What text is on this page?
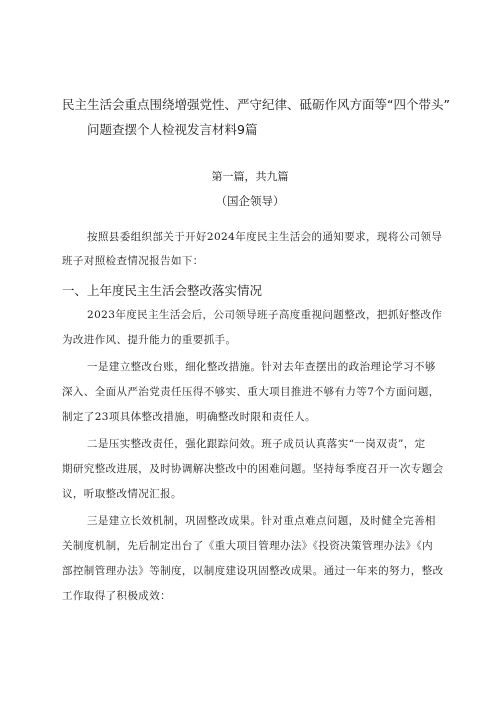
民主生活会重点围绕增强党性、严守纪律、砥砺作风方面等“四个带头”
问题查摆个人检视发言材料9篇
第一篇，共九篇
（国企领导）
按照县委组织部关于开好2024年度民主生活会的通知要求，现将公司领导
班子对照检查情况报告如下：
一、上年度民主生活会整改落实情况
2023年度民主生活会后，公司领导班子高度重视问题整改，把抓好整改作
为改进作风、提升能力的重要抓手。
一是建立整改台账，细化整改措施。针对去年查摆出的政治理论学习不够
深入、全面从严治党责任压得不够实、重大项目推进不够有力等7个方面问题，
制定了23项具体整改措施，明确整改时限和责任人。
二是压实整改责任，强化跟踪问效。班子成员认真落实“一岗双责”，定
期研究整改进展，及时协调解决整改中的困难问题。坚持每季度召开一次专题会
议，听取整改情况汇报。
三是建立长效机制，巩固整改成果。针对重点难点问题，及时健全完善相
关制度机制，先后制定出台了《重大项目管理办法》《投资决策管理办法》《内
部控制管理办法》等制度，以制度建设巩固整改成果。通过一年来的努力，整改
工作取得了积极成效：
